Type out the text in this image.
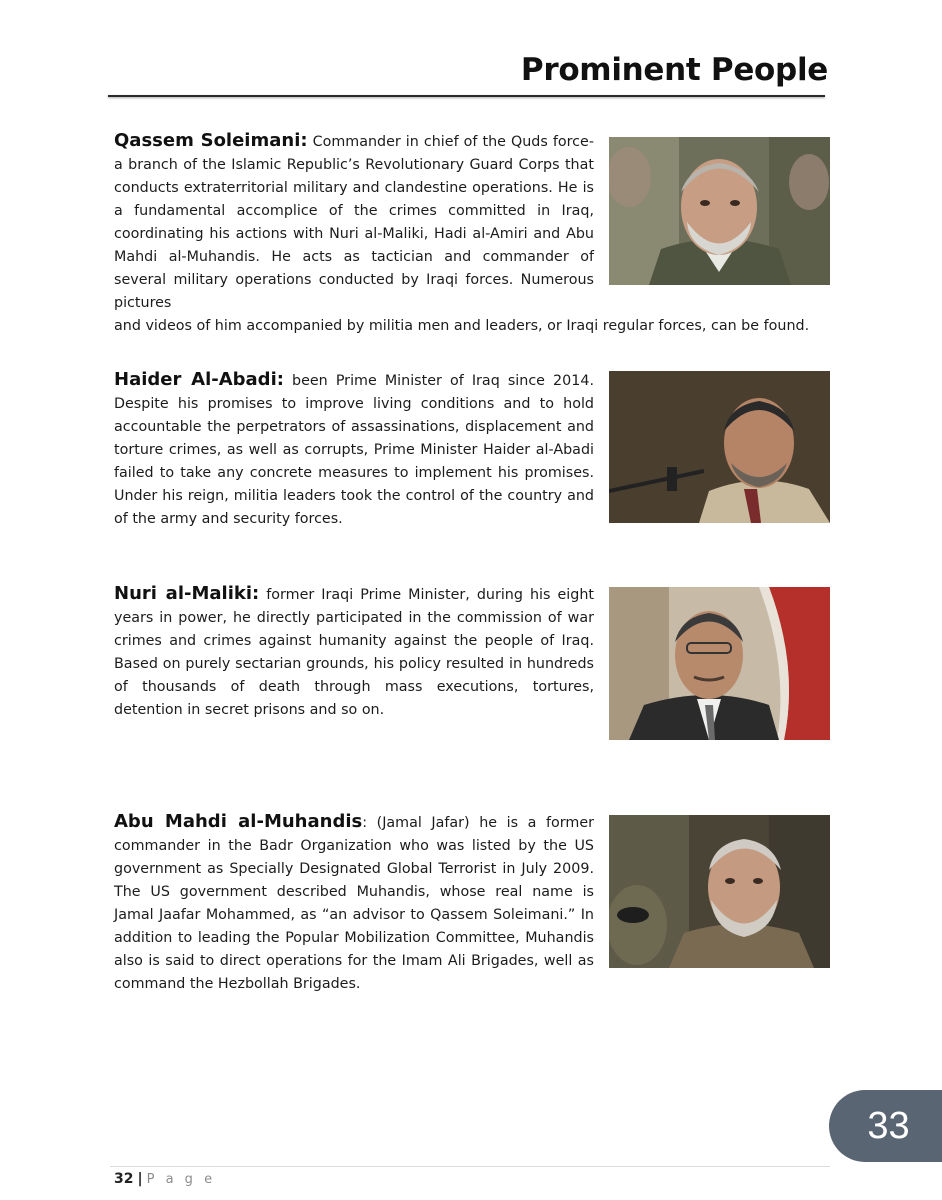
Prominent People

Qassem Soleimani: Commander in chief of the Quds force- a branch of the Islamic Republic’s Revolutionary Guard Corps that conducts extraterritorial military and clandestine operations. He is a fundamental accomplice of the crimes committed in Iraq, coordinating his actions with Nuri al-Maliki, Hadi al-Amiri and Abu Mahdi al-Muhandis. He acts as tactician and commander of several military operations conducted by Iraqi forces. Numerous pictures
and videos of him accompanied by militia men and leaders, or Iraqi regular forces, can be found.

Haider Al-Abadi: been Prime Minister of Iraq since 2014. Despite his promises to improve living conditions and to hold accountable the perpetrators of assassinations, displacement and torture crimes, as well as corrupts, Prime Minister Haider al-Abadi failed to take any concrete measures to implement his promises. Under his reign, militia leaders took the control of the country and of the army and security forces.

Nuri al-Maliki: former Iraqi Prime Minister, during his eight years in power, he directly participated in the commission of war crimes and crimes against humanity against the people of Iraq. Based on purely sectarian grounds, his policy resulted in hundreds of thousands of death through mass executions, tortures, detention in secret prisons and so on.

Abu Mahdi al-Muhandis: (Jamal Jafar) he is a former commander in the Badr Organization who was listed by the US government as Specially Designated Global Terrorist in July 2009. The US government described Muhandis, whose real name is Jamal Jaafar Mohammed, as “an advisor to Qassem Soleimani.” In addition to leading the Popular Mobilization Committee, Muhandis also is said to direct operations for the Imam Ali Brigades, well as command the Hezbollah Brigades.

33
32 | P a g e
